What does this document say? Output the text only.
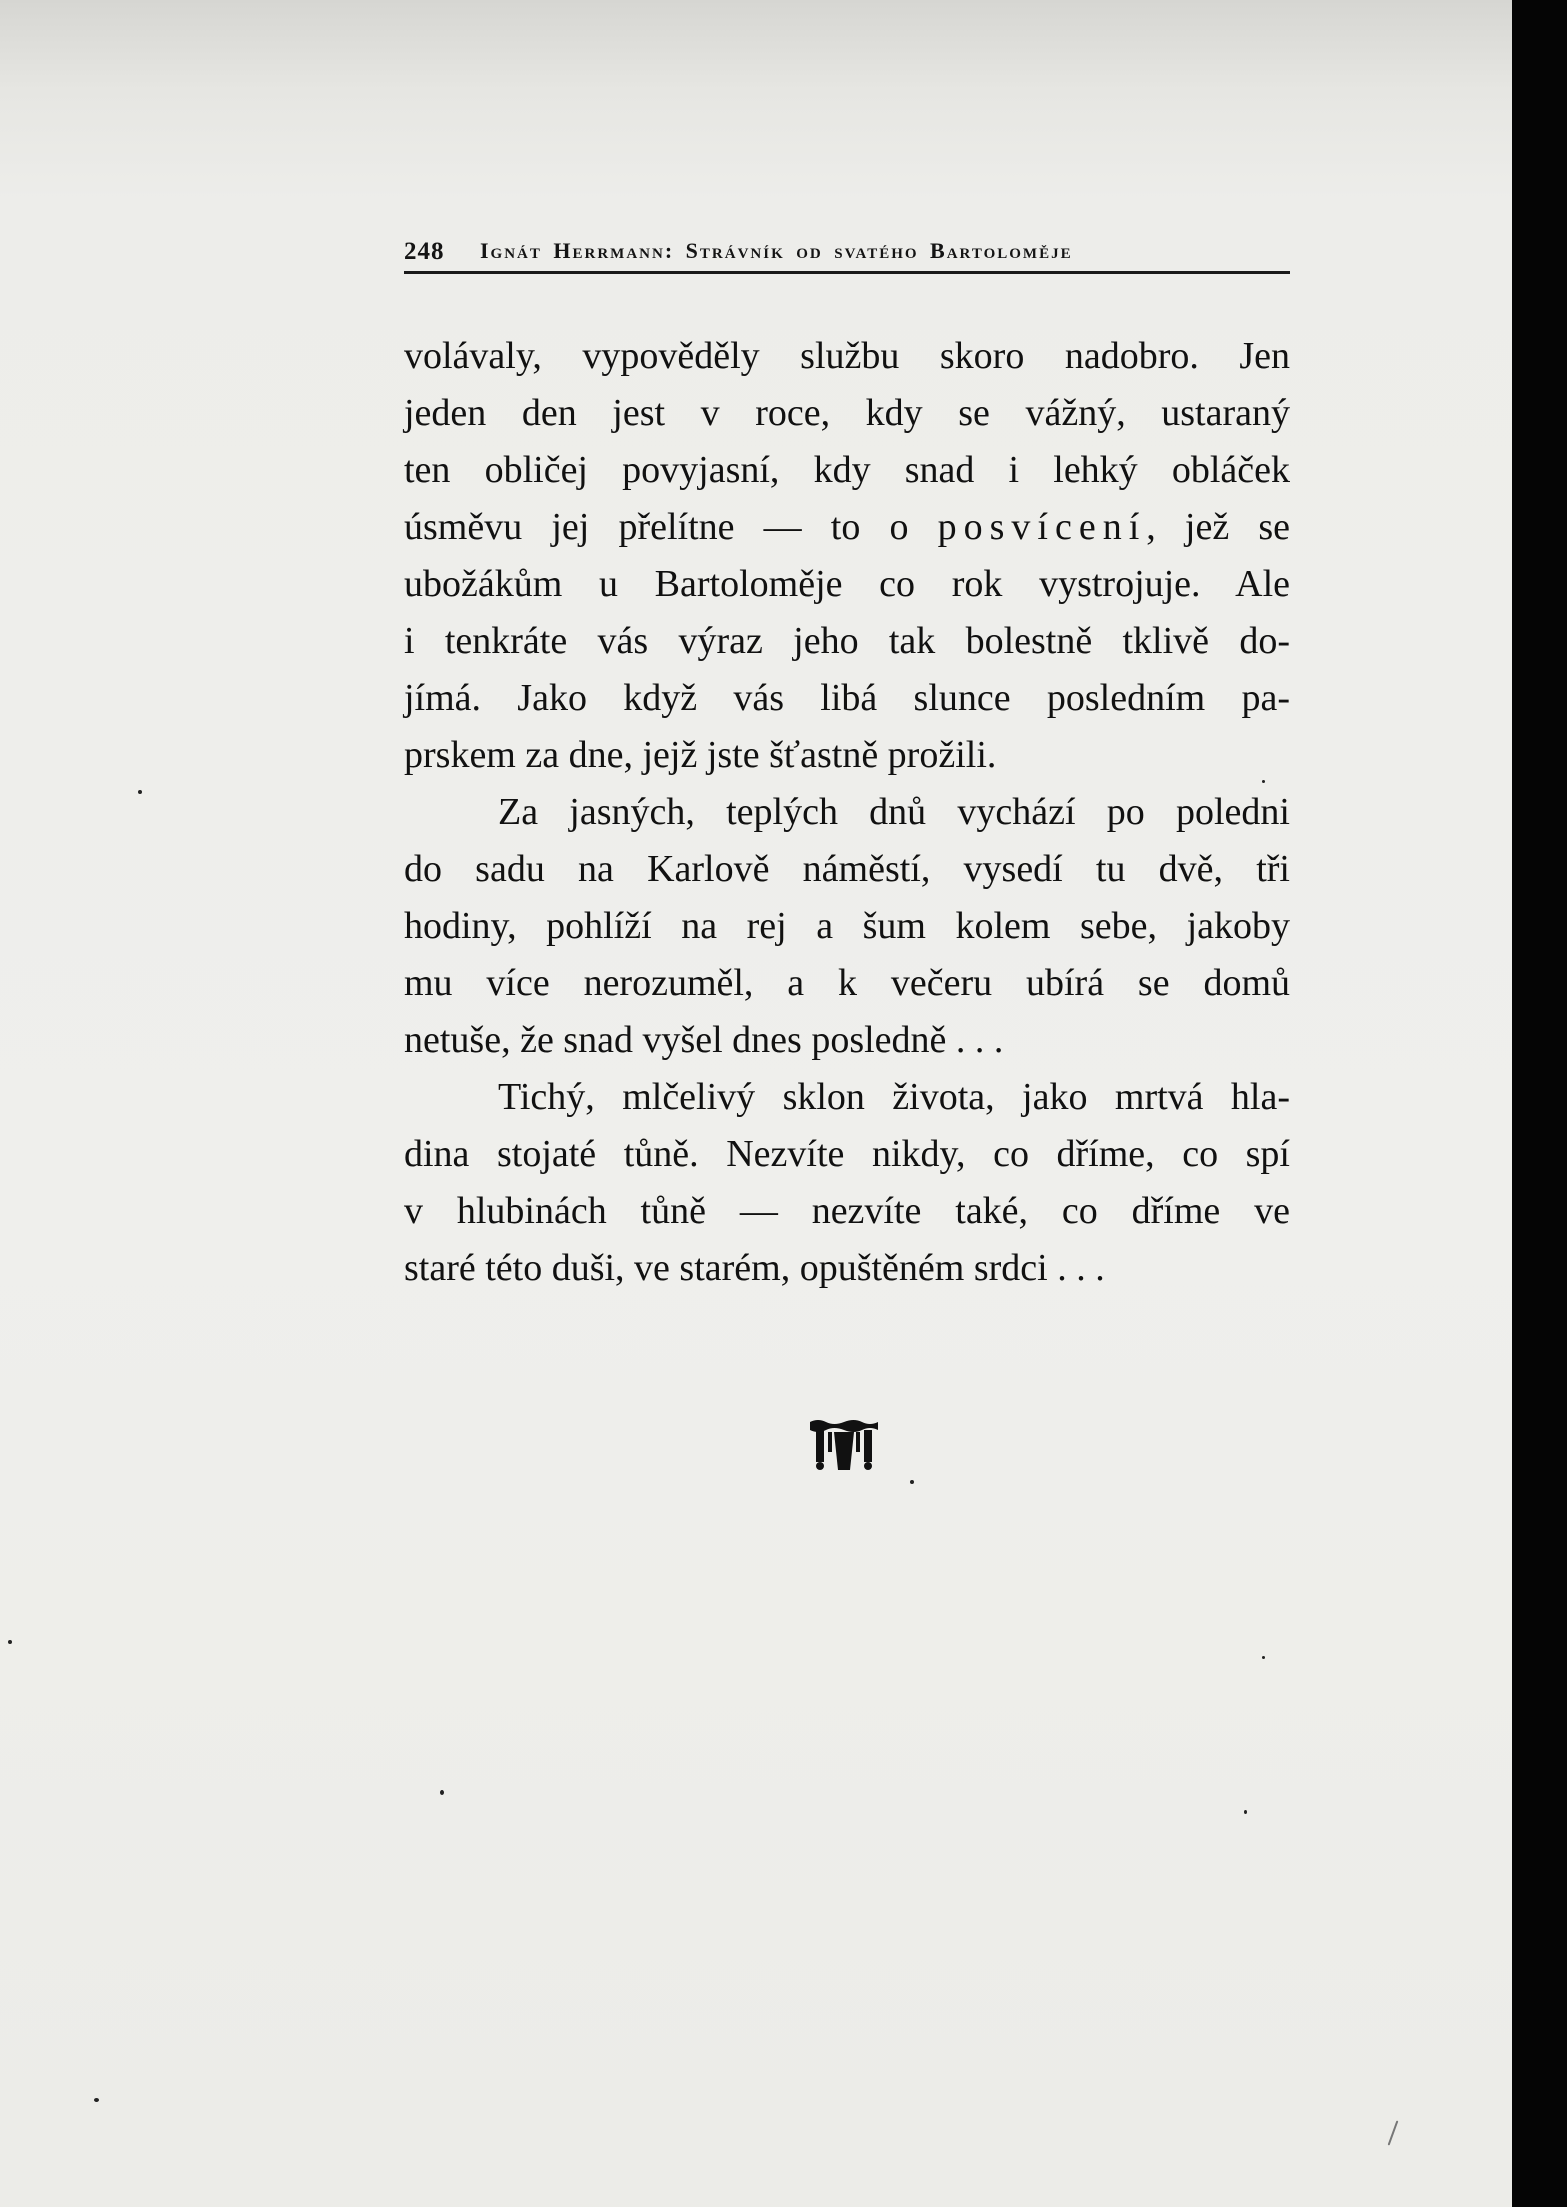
248 Ignát Herrmann: Strávník od svatého Bartoloměje
volávaly, vypověděly službu skoro nadobro. Jen
jeden den jest v roce, kdy se vážný, ustaraný
ten obličej povyjasní, kdy snad i lehký obláček
úsměvu jej přelítne — to o posvícení, jež se
ubožákům u Bartoloměje co rok vystrojuje. Ale
i tenkráte vás výraz jeho tak bolestně tklivě do-
jímá. Jako když vás libá slunce posledním pa-
prskem za dne, jejž jste šťastně prožili.
Za jasných, teplých dnů vychází po poledni
do sadu na Karlově náměstí, vysedí tu dvě, tři
hodiny, pohlíží na rej a šum kolem sebe, jakoby
mu více nerozuměl, a k večeru ubírá se domů
netuše, že snad vyšel dnes posledně . . .
Tichý, mlčelivý sklon života, jako mrtvá hla-
dina stojaté tůně. Nezvíte nikdy, co dříme, co spí
v hlubinách tůně — nezvíte také, co dříme ve
staré této duši, ve starém, opuštěném srdci . . .
